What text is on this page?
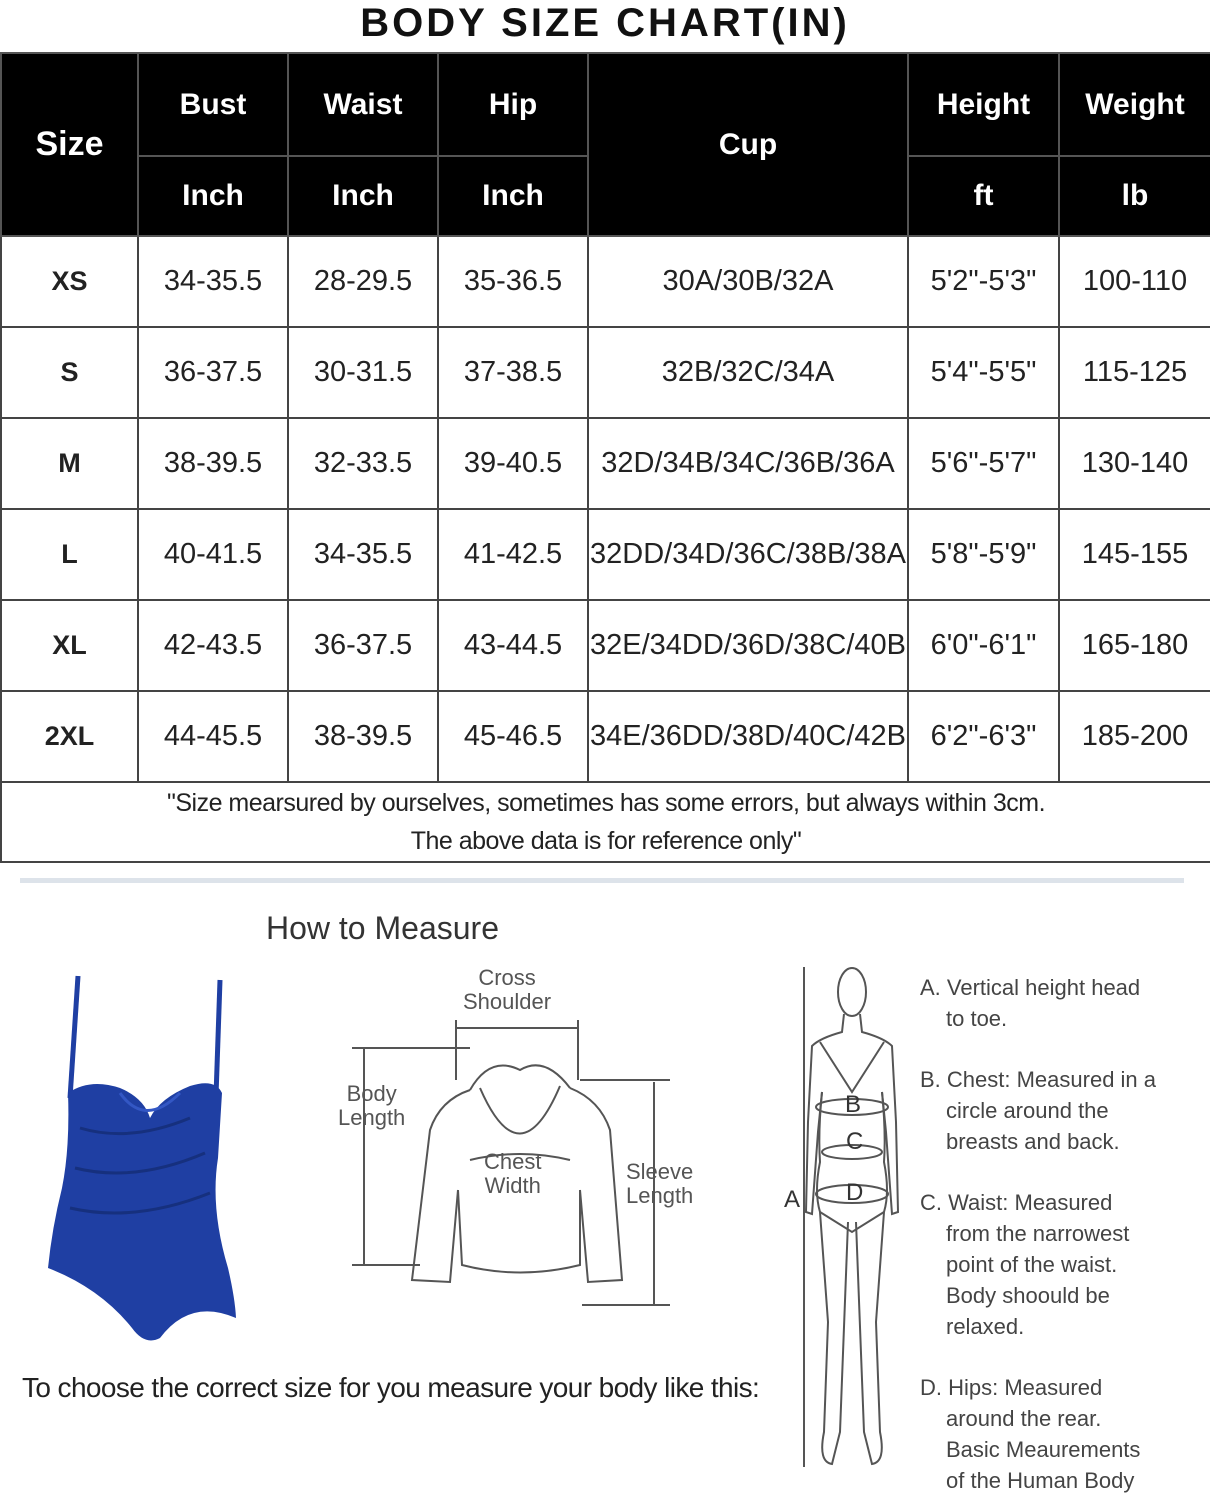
BODY SIZE CHART(IN)
Size	Bust	Waist	Hip	Cup	Height	Weight
	Inch	Inch	Inch		ft	lb
XS	34-35.5	28-29.5	35-36.5	30A/30B/32A	5'2"-5'3"	100-110
S	36-37.5	30-31.5	37-38.5	32B/32C/34A	5'4"-5'5"	115-125
M	38-39.5	32-33.5	39-40.5	32D/34B/34C/36B/36A	5'6"-5'7"	130-140
L	40-41.5	34-35.5	41-42.5	32DD/34D/36C/38B/38A	5'8"-5'9"	145-155
XL	42-43.5	36-37.5	43-44.5	32E/34DD/36D/38C/40B	6'0"-6'1"	165-180
2XL	44-45.5	38-39.5	45-46.5	34E/36DD/38D/40C/42B	6'2"-6'3"	185-200

"Size mearsured by ourselves, sometimes has some errors, but always within 3cm.
The above data is for reference only"						
How to Measure
Cross
Shoulder
Body
Length
Chest
Width
Sleeve
Length	A
B
C
D
A. Vertical height head
to toe.
B. Chest: Measured in a
circle around the
breasts and back.
C. Waist: Measured
from the narrowest
point of the waist.
Body shoould be
relaxed.
D. Hips: Measured
around the rear.
Basic Meaurements
of the Human Body
To choose the correct size for you measure your body like this:
